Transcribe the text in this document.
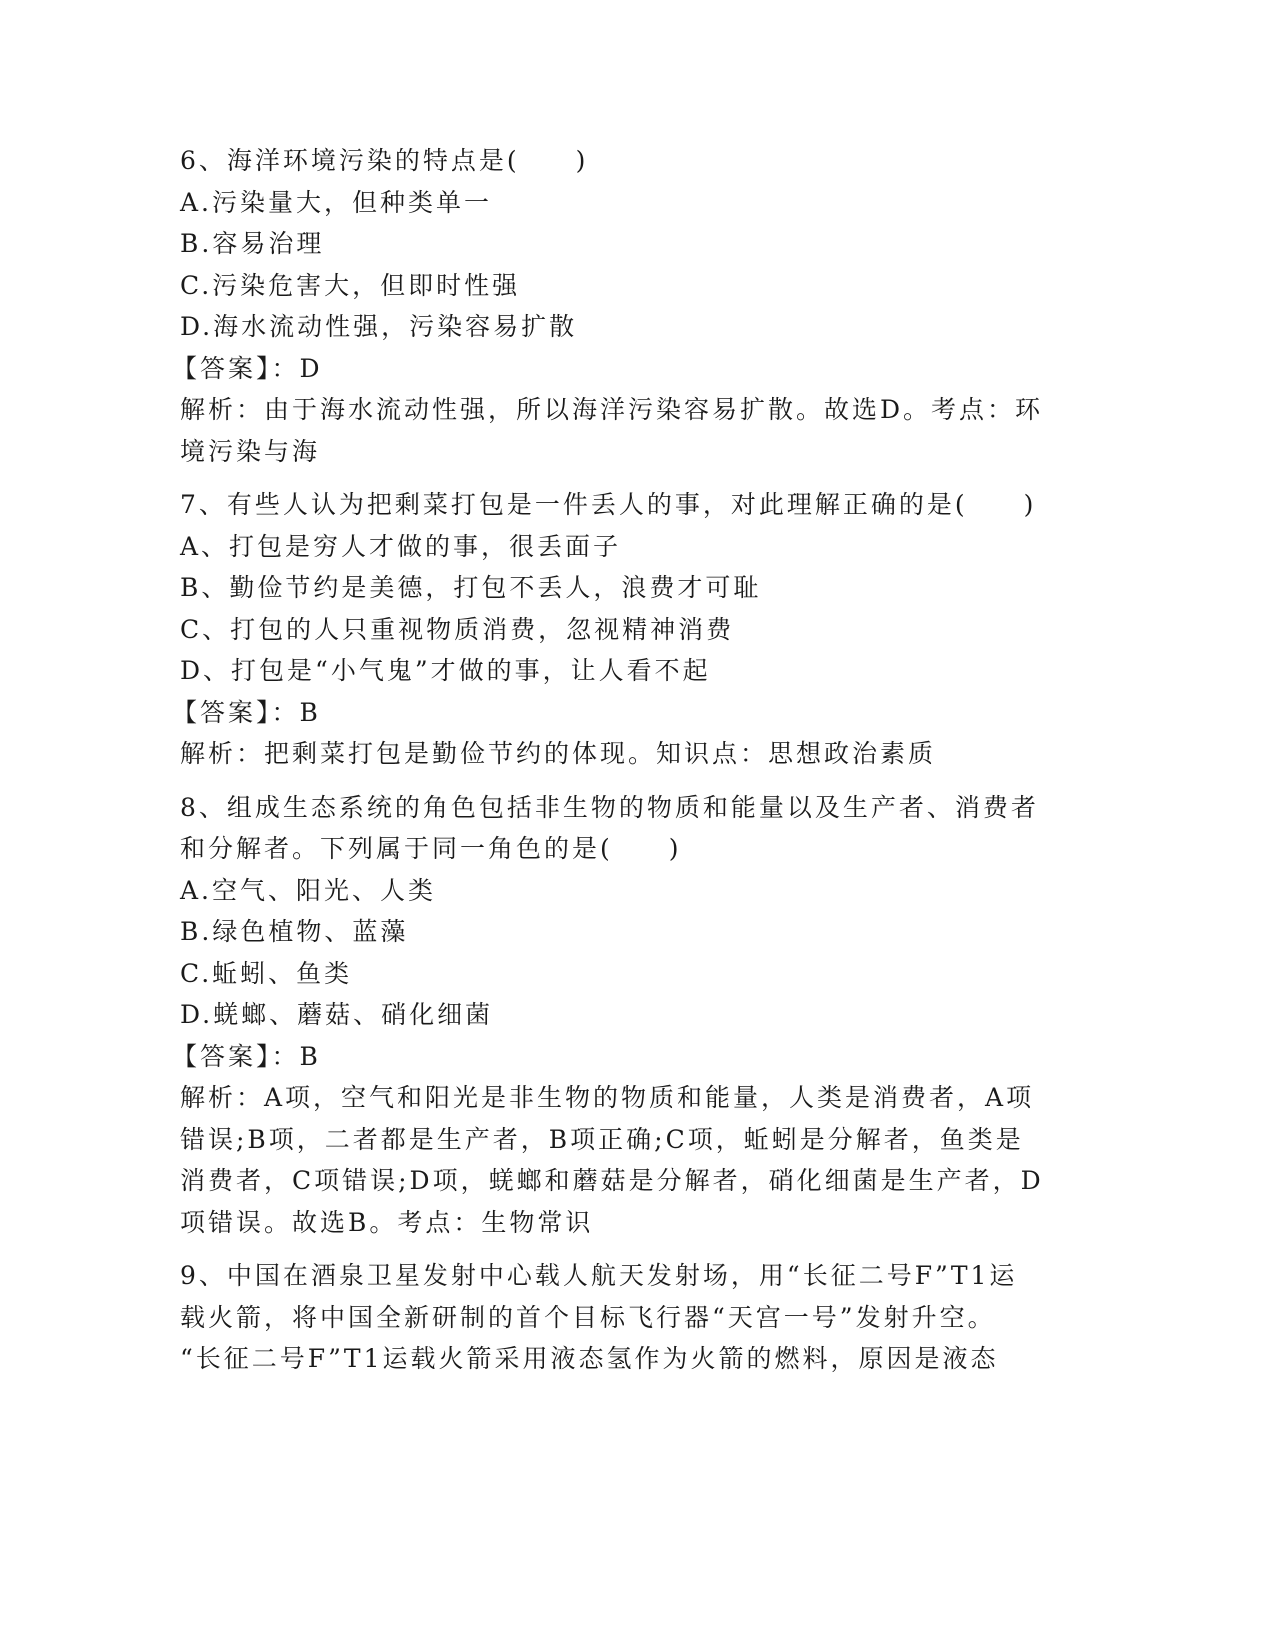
6、海洋环境污染的特点是(　　)
A.污染量大，但种类单一
B.容易治理
C.污染危害大，但即时性强
D.海水流动性强，污染容易扩散
【答案】：D
解析：由于海水流动性强，所以海洋污染容易扩散。故选D。考点：环
境污染与海
7、有些人认为把剩菜打包是一件丢人的事，对此理解正确的是(　　)
A、打包是穷人才做的事，很丢面子
B、勤俭节约是美德，打包不丢人，浪费才可耻
C、打包的人只重视物质消费，忽视精神消费
D、打包是“小气鬼”才做的事，让人看不起
【答案】：B
解析：把剩菜打包是勤俭节约的体现。知识点：思想政治素质
8、组成生态系统的角色包括非生物的物质和能量以及生产者、消费者
和分解者。下列属于同一角色的是(　　)
A.空气、阳光、人类
B.绿色植物、蓝藻
C.蚯蚓、鱼类
D.蜣螂、蘑菇、硝化细菌
【答案】：B
解析：A项，空气和阳光是非生物的物质和能量，人类是消费者，A项
错误;B项，二者都是生产者，B项正确;C项，蚯蚓是分解者，鱼类是
消费者，C项错误;D项，蜣螂和蘑菇是分解者，硝化细菌是生产者，D
项错误。故选B。考点：生物常识
9、中国在酒泉卫星发射中心载人航天发射场，用“长征二号F”T1运
载火箭，将中国全新研制的首个目标飞行器“天宫一号”发射升空。
“长征二号F”T1运载火箭采用液态氢作为火箭的燃料，原因是液态
